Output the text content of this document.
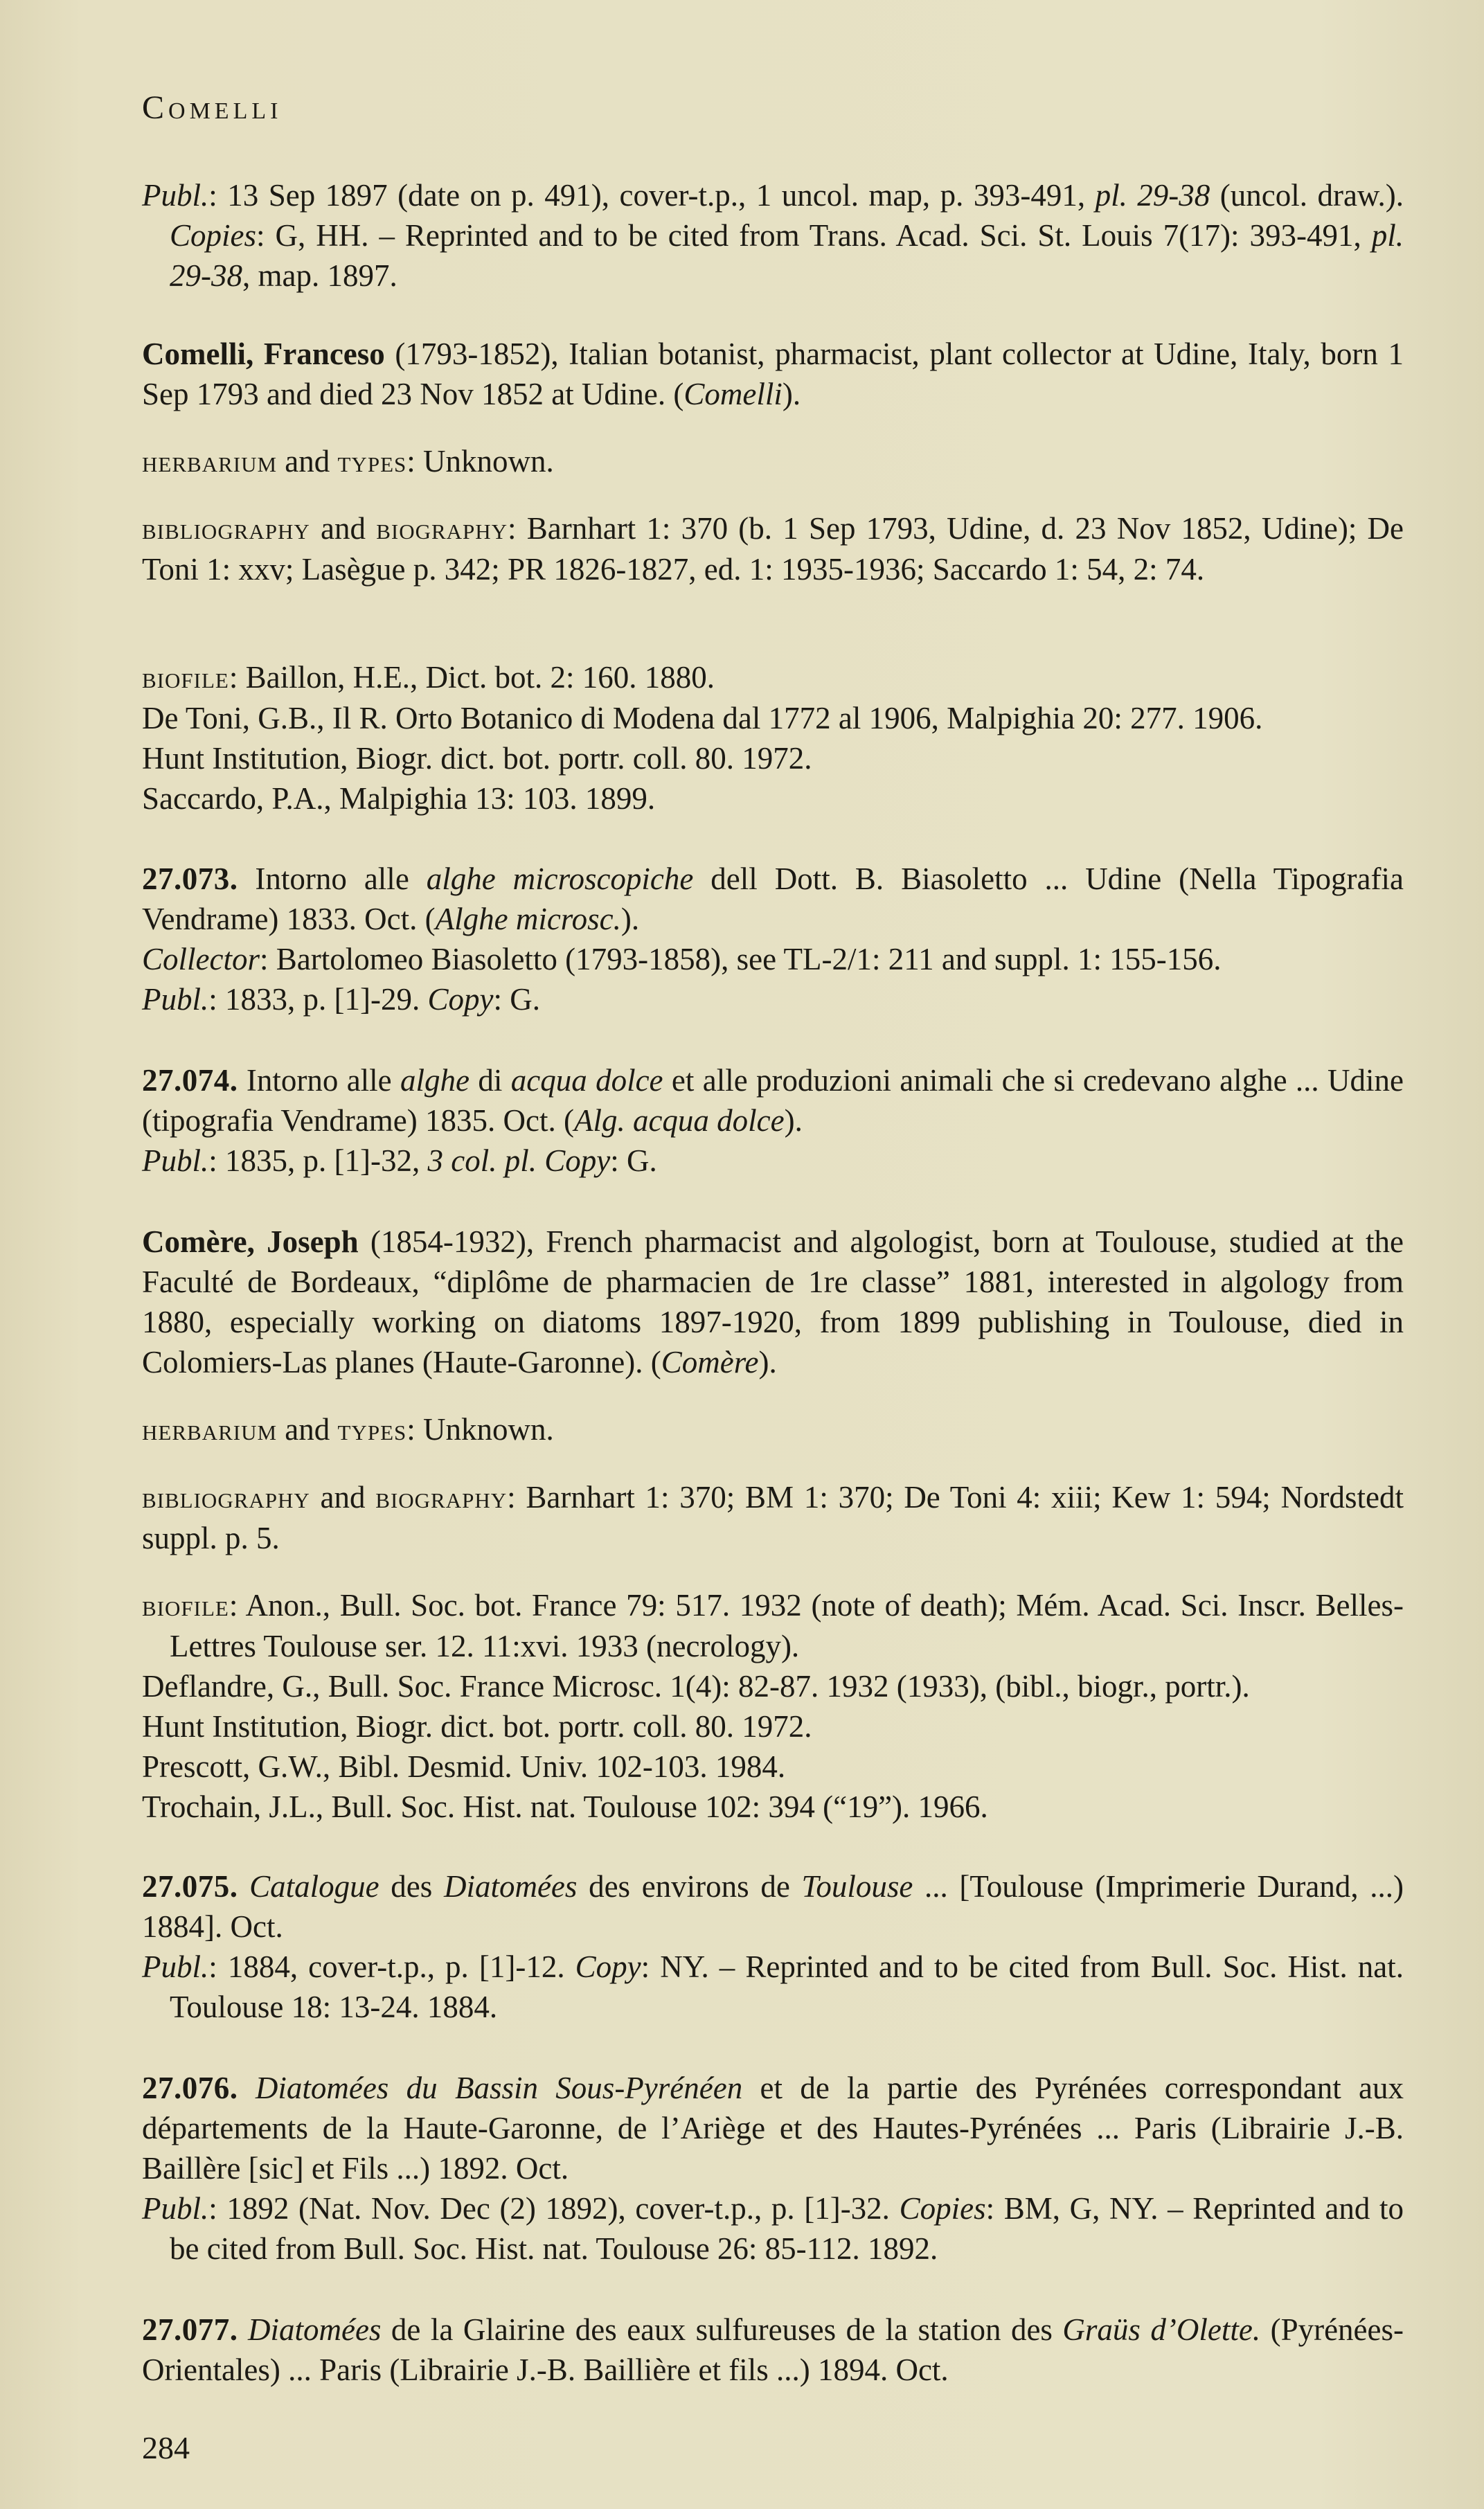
Comelli

Publ.: 13 Sep 1897 (date on p. 491), cover-t.p., 1 uncol. map, p. 393-491, pl. 29-38 (uncol. draw.). Copies: G, HH. – Reprinted and to be cited from Trans. Acad. Sci. St. Louis 7(17): 393-491, pl. 29-38, map. 1897.

Comelli, Franceso (1793-1852), Italian botanist, pharmacist, plant collector at Udine, Italy, born 1 Sep 1793 and died 23 Nov 1852 at Udine. (Comelli).

herbarium and types: Unknown.

bibliography and biography: Barnhart 1: 370 (b. 1 Sep 1793, Udine, d. 23 Nov 1852, Udine); De Toni 1: xxv; Lasègue p. 342; PR 1826-1827, ed. 1: 1935-1936; Saccardo 1: 54, 2: 74.

biofile: Baillon, H.E., Dict. bot. 2: 160. 1880.

De Toni, G.B., Il R. Orto Botanico di Modena dal 1772 al 1906, Malpighia 20: 277. 1906.

Hunt Institution, Biogr. dict. bot. portr. coll. 80. 1972.

Saccardo, P.A., Malpighia 13: 103. 1899.

27.073. Intorno alle alghe microscopiche dell Dott. B. Biasoletto ... Udine (Nella Tipografia Vendrame) 1833. Oct. (Alghe microsc.).

Collector: Bartolomeo Biasoletto (1793-1858), see TL-2/1: 211 and suppl. 1: 155-156.

Publ.: 1833, p. [1]-29. Copy: G.

27.074. Intorno alle alghe di acqua dolce et alle produzioni animali che si credevano alghe ... Udine (tipografia Vendrame) 1835. Oct. (Alg. acqua dolce).

Publ.: 1835, p. [1]-32, 3 col. pl. Copy: G.

Comère, Joseph (1854-1932), French pharmacist and algologist, born at Toulouse, studied at the Faculté de Bordeaux, “diplôme de pharmacien de 1re classe” 1881, interested in algology from 1880, especially working on diatoms 1897-1920, from 1899 publishing in Toulouse, died in Colomiers-Las planes (Haute-Garonne). (Comère).

herbarium and types: Unknown.

bibliography and biography: Barnhart 1: 370; BM 1: 370; De Toni 4: xiii; Kew 1: 594; Nordstedt suppl. p. 5.

biofile: Anon., Bull. Soc. bot. France 79: 517. 1932 (note of death); Mém. Acad. Sci. Inscr. Belles-Lettres Toulouse ser. 12. 11:xvi. 1933 (necrology).

Deflandre, G., Bull. Soc. France Microsc. 1(4): 82-87. 1932 (1933), (bibl., biogr., portr.).

Hunt Institution, Biogr. dict. bot. portr. coll. 80. 1972.

Prescott, G.W., Bibl. Desmid. Univ. 102-103. 1984.

Trochain, J.L., Bull. Soc. Hist. nat. Toulouse 102: 394 (“19”). 1966.

27.075. Catalogue des Diatomées des environs de Toulouse ... [Toulouse (Imprimerie Durand, ...) 1884]. Oct.

Publ.: 1884, cover-t.p., p. [1]-12. Copy: NY. – Reprinted and to be cited from Bull. Soc. Hist. nat. Toulouse 18: 13-24. 1884.

27.076. Diatomées du Bassin Sous-Pyrénéen et de la partie des Pyrénées correspondant aux départements de la Haute-Garonne, de l’Ariège et des Hautes-Pyrénées ... Paris (Librairie J.-B. Baillère [sic] et Fils ...) 1892. Oct.

Publ.: 1892 (Nat. Nov. Dec (2) 1892), cover-t.p., p. [1]-32. Copies: BM, G, NY. – Reprinted and to be cited from Bull. Soc. Hist. nat. Toulouse 26: 85-112. 1892.

27.077. Diatomées de la Glairine des eaux sulfureuses de la station des Graüs d’Olette. (Pyrénées-Orientales) ... Paris (Librairie J.-B. Baillière et fils ...) 1894. Oct.

284
